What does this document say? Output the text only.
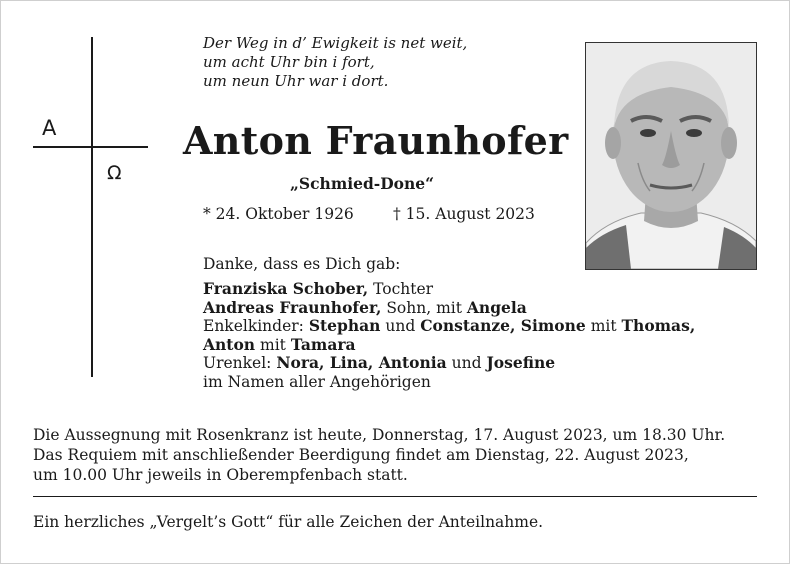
A
Ω
Der Weg in d’ Ewigkeit is net weit,
um acht Uhr bin i fort,
um neun Uhr war i dort.
Anton Fraunhofer
„Schmied-Done“
* 24. Oktober 1926	† 15. August 2023
Danke, dass es Dich gab:
Franziska Schober, Tochter
Andreas Fraunhofer, Sohn, mit Angela
Enkelkinder: Stephan und Constanze, Simone mit Thomas,
Anton mit Tamara
Urenkel: Nora, Lina, Antonia und Josefine
im Namen aller Angehörigen
Die Aussegnung mit Rosenkranz ist heute, Donnerstag, 17. August 2023, um 18.30 Uhr.
Das Requiem mit anschließender Beerdigung findet am Dienstag, 22. August 2023,
um 10.00 Uhr jeweils in Oberempfenbach statt.
Ein herzliches „Vergelt’s Gott“ für alle Zeichen der Anteilnahme.
